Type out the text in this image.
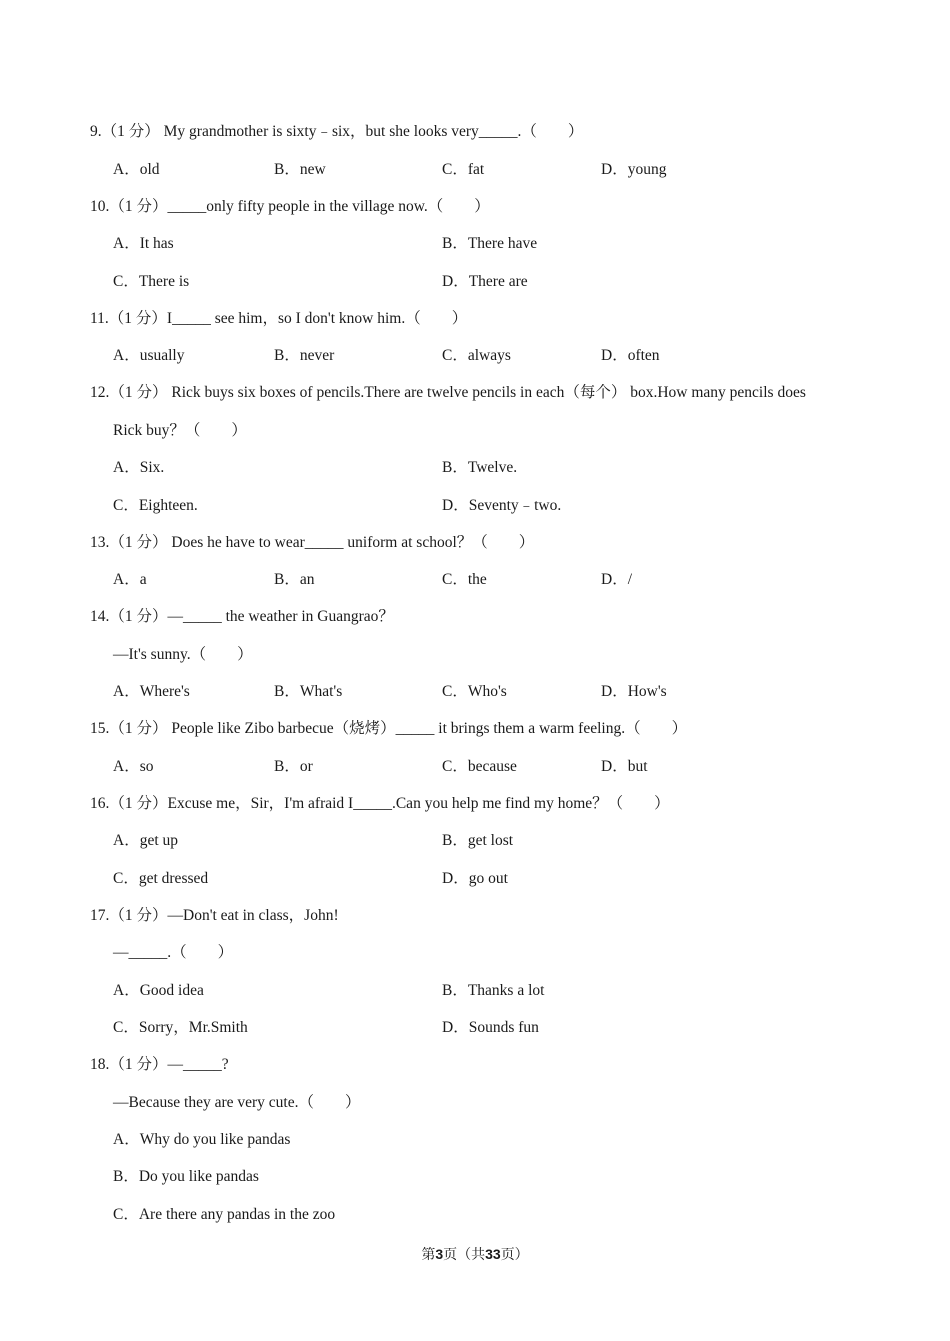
9.（1 分） My grandmother is sixty﹣six，but she looks very_____.（　　）
A．old	B．new	C．fat	D．young
10.（1 分）_____only fifty people in the village now.（　　）
A．It has	B．There have
C．There is	D．There are
11.（1 分）I_____ see him，so I don't know him.（　　）
A．usually	B．never	C．always	D．often
12.（1 分） Rick buys six boxes of pencils.There are twelve pencils in each（每个） box.How many pencils does
Rick buy？（　　）
A．Six.	B．Twelve.
C．Eighteen.	D．Seventy﹣two.
13.（1 分） Does he have to wear_____ uniform at school？（　　）
A．a	B．an	C．the	D．/
14.（1 分）—_____ the weather in Guangrao？
—It's sunny.（　　）
A．Where's	B．What's	C．Who's	D．How's
15.（1 分） People like Zibo barbecue（烧烤）_____ it brings them a warm feeling.（　　）
A．so	B．or	C．because	D．but
16.（1 分）Excuse me，Sir，I'm afraid I_____.Can you help me find my home？（　　）
A．get up	B．get lost
C．get dressed	D．go out
17.（1 分）—Don't eat in class，John!
—_____.（　　）
A．Good idea	B．Thanks a lot
C．Sorry，Mr.Smith	D．Sounds fun
18.（1 分）—_____?
—Because they are very cute.（　　）
A．Why do you like pandas
B．Do you like pandas
C．Are there any pandas in the zoo
第3页（共33页）
